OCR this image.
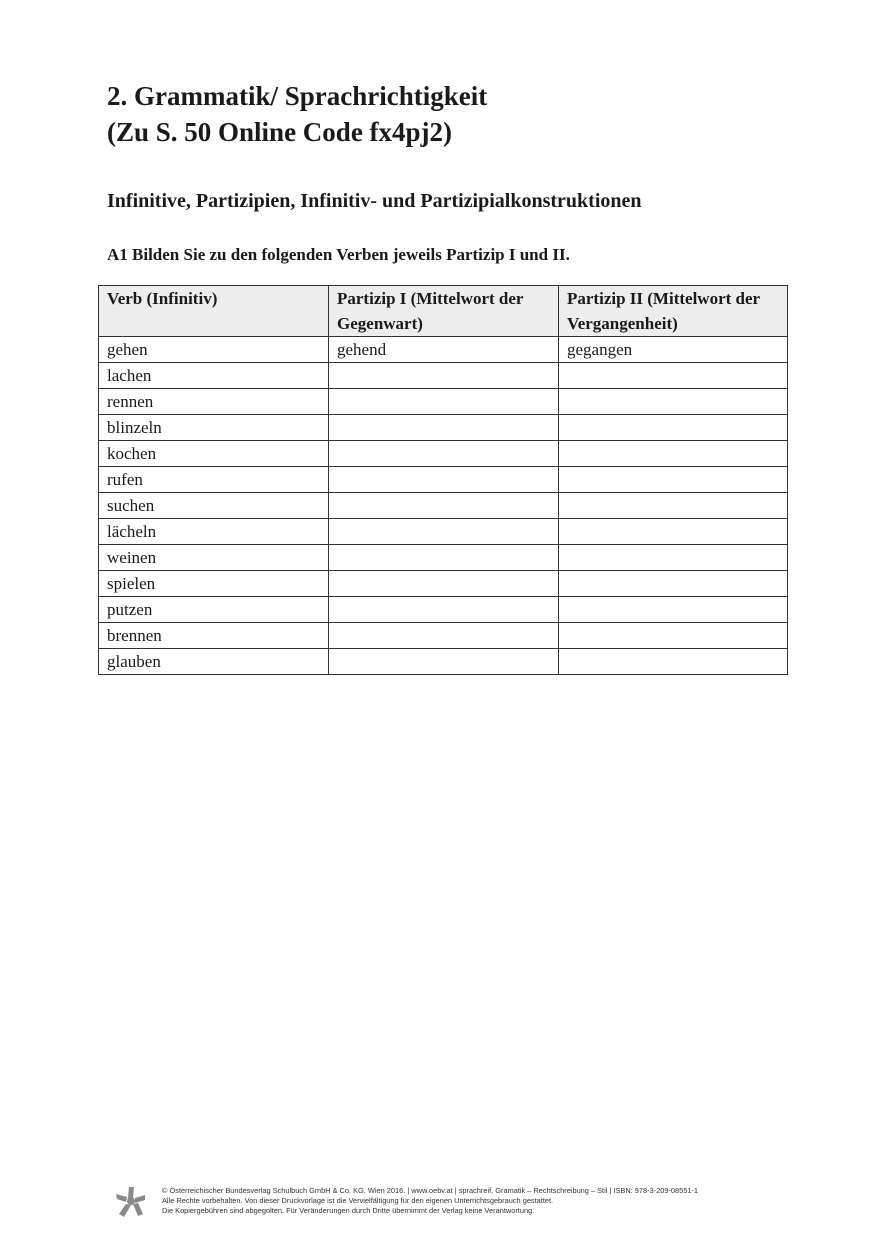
2. Grammatik/ Sprachrichtigkeit
(Zu S. 50 Online Code fx4pj2)
Infinitive, Partizipien, Infinitiv- und Partizipialkonstruktionen

A1 Bilden Sie zu den folgenden Verben jeweils Partizip I und II.

Verb (Infinitiv)	Partizip I (Mittelwort der Gegenwart)	Partizip II (Mittelwort der Vergangenheit)
gehen	gehend	gegangen
lachen		
rennen		
blinzeln		
kochen		
rufen		
suchen		
lächeln		
weinen		
spielen		
putzen		
brennen		
glauben		
© Österreichischer Bundesverlag Schulbuch GmbH & Co. KG, Wien 2016. | www.oebv.at | sprachreif, Gramatik – Rechtschreibung – Stil | ISBN: 978-3-209-08551-1
Alle Rechte vorbehalten. Von dieser Druckvorlage ist die Vervielfältigung für den eigenen Unterrichtsgebrauch gestattet.
Die Kopiergebühren sind abgegolten. Für Veränderungen durch Dritte übernimmt der Verlag keine Verantwortung.
